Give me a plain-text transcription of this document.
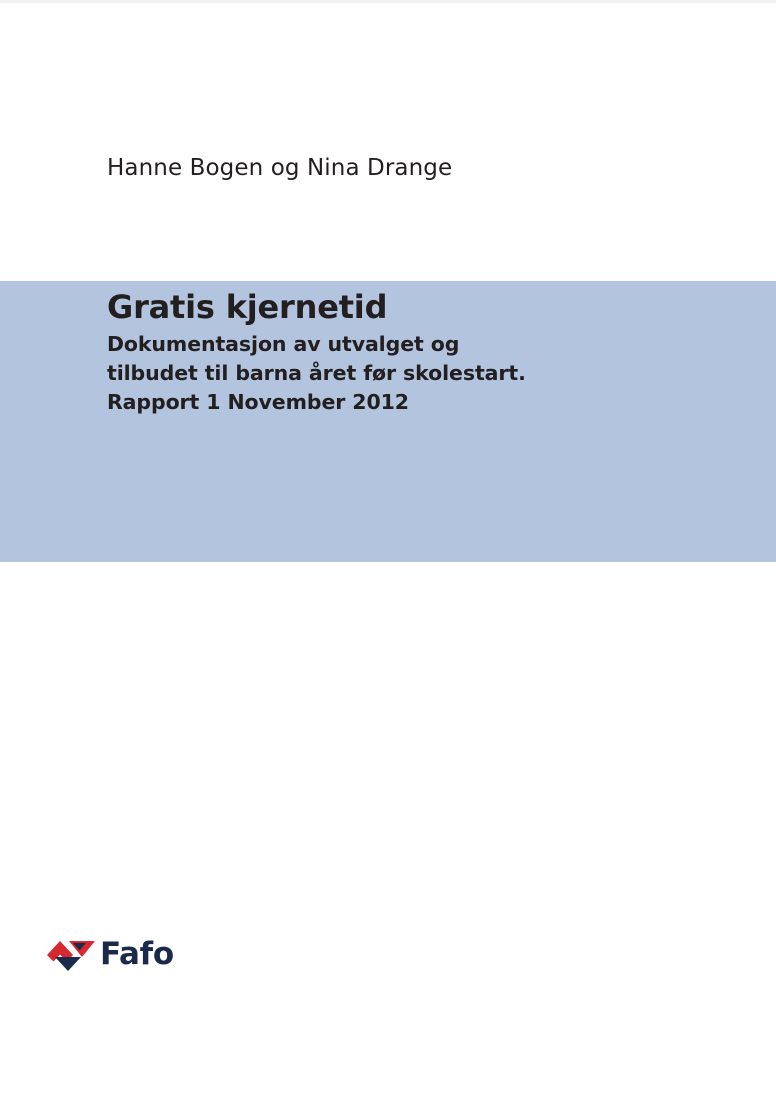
Hanne Bogen og Nina Drange
Gratis kjernetid

Dokumentasjon av utvalget og
tilbudet til barna året før skolestart.
Rapport 1 November 2012

Fafo
